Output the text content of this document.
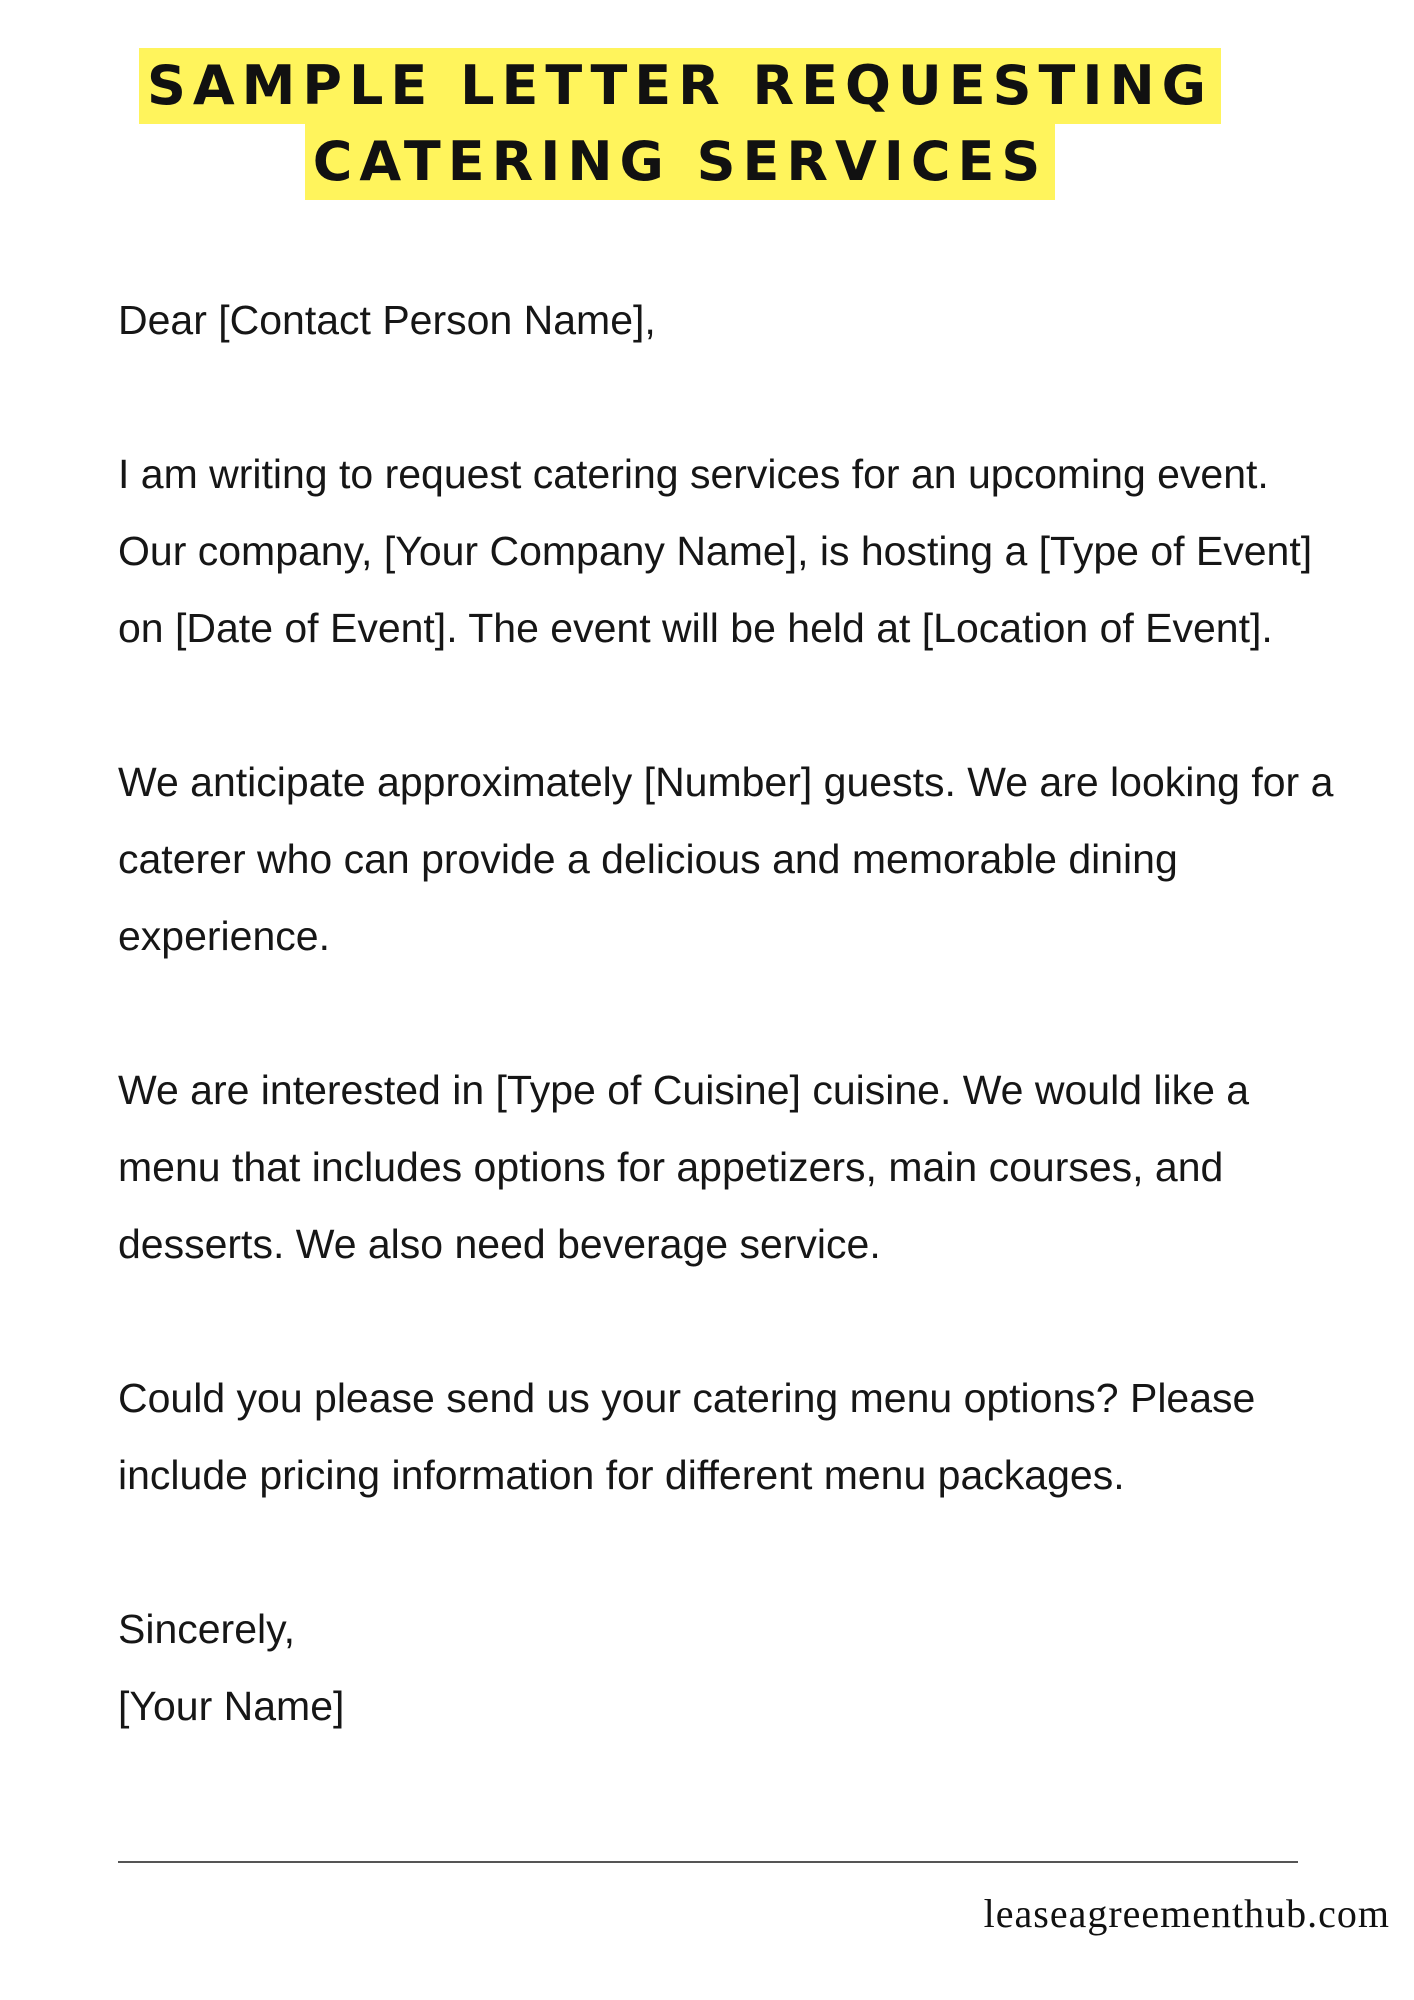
SAMPLE LETTER REQUESTING
CATERING SERVICES

Dear [Contact Person Name],

I am writing to request catering services for an upcoming event. Our company, [Your Company Name], is hosting a [Type of Event] on [Date of Event]. The event will be held at [Location of Event].

We anticipate approximately [Number] guests. We are looking for a caterer who can provide a delicious and memorable dining experience.

We are interested in [Type of Cuisine] cuisine. We would like a menu that includes options for appetizers, main courses, and desserts. We also need beverage service.

Could you please send us your catering menu options? Please include pricing information for different menu packages.

Sincerely,

[Your Name]

leaseagreementhub.com
